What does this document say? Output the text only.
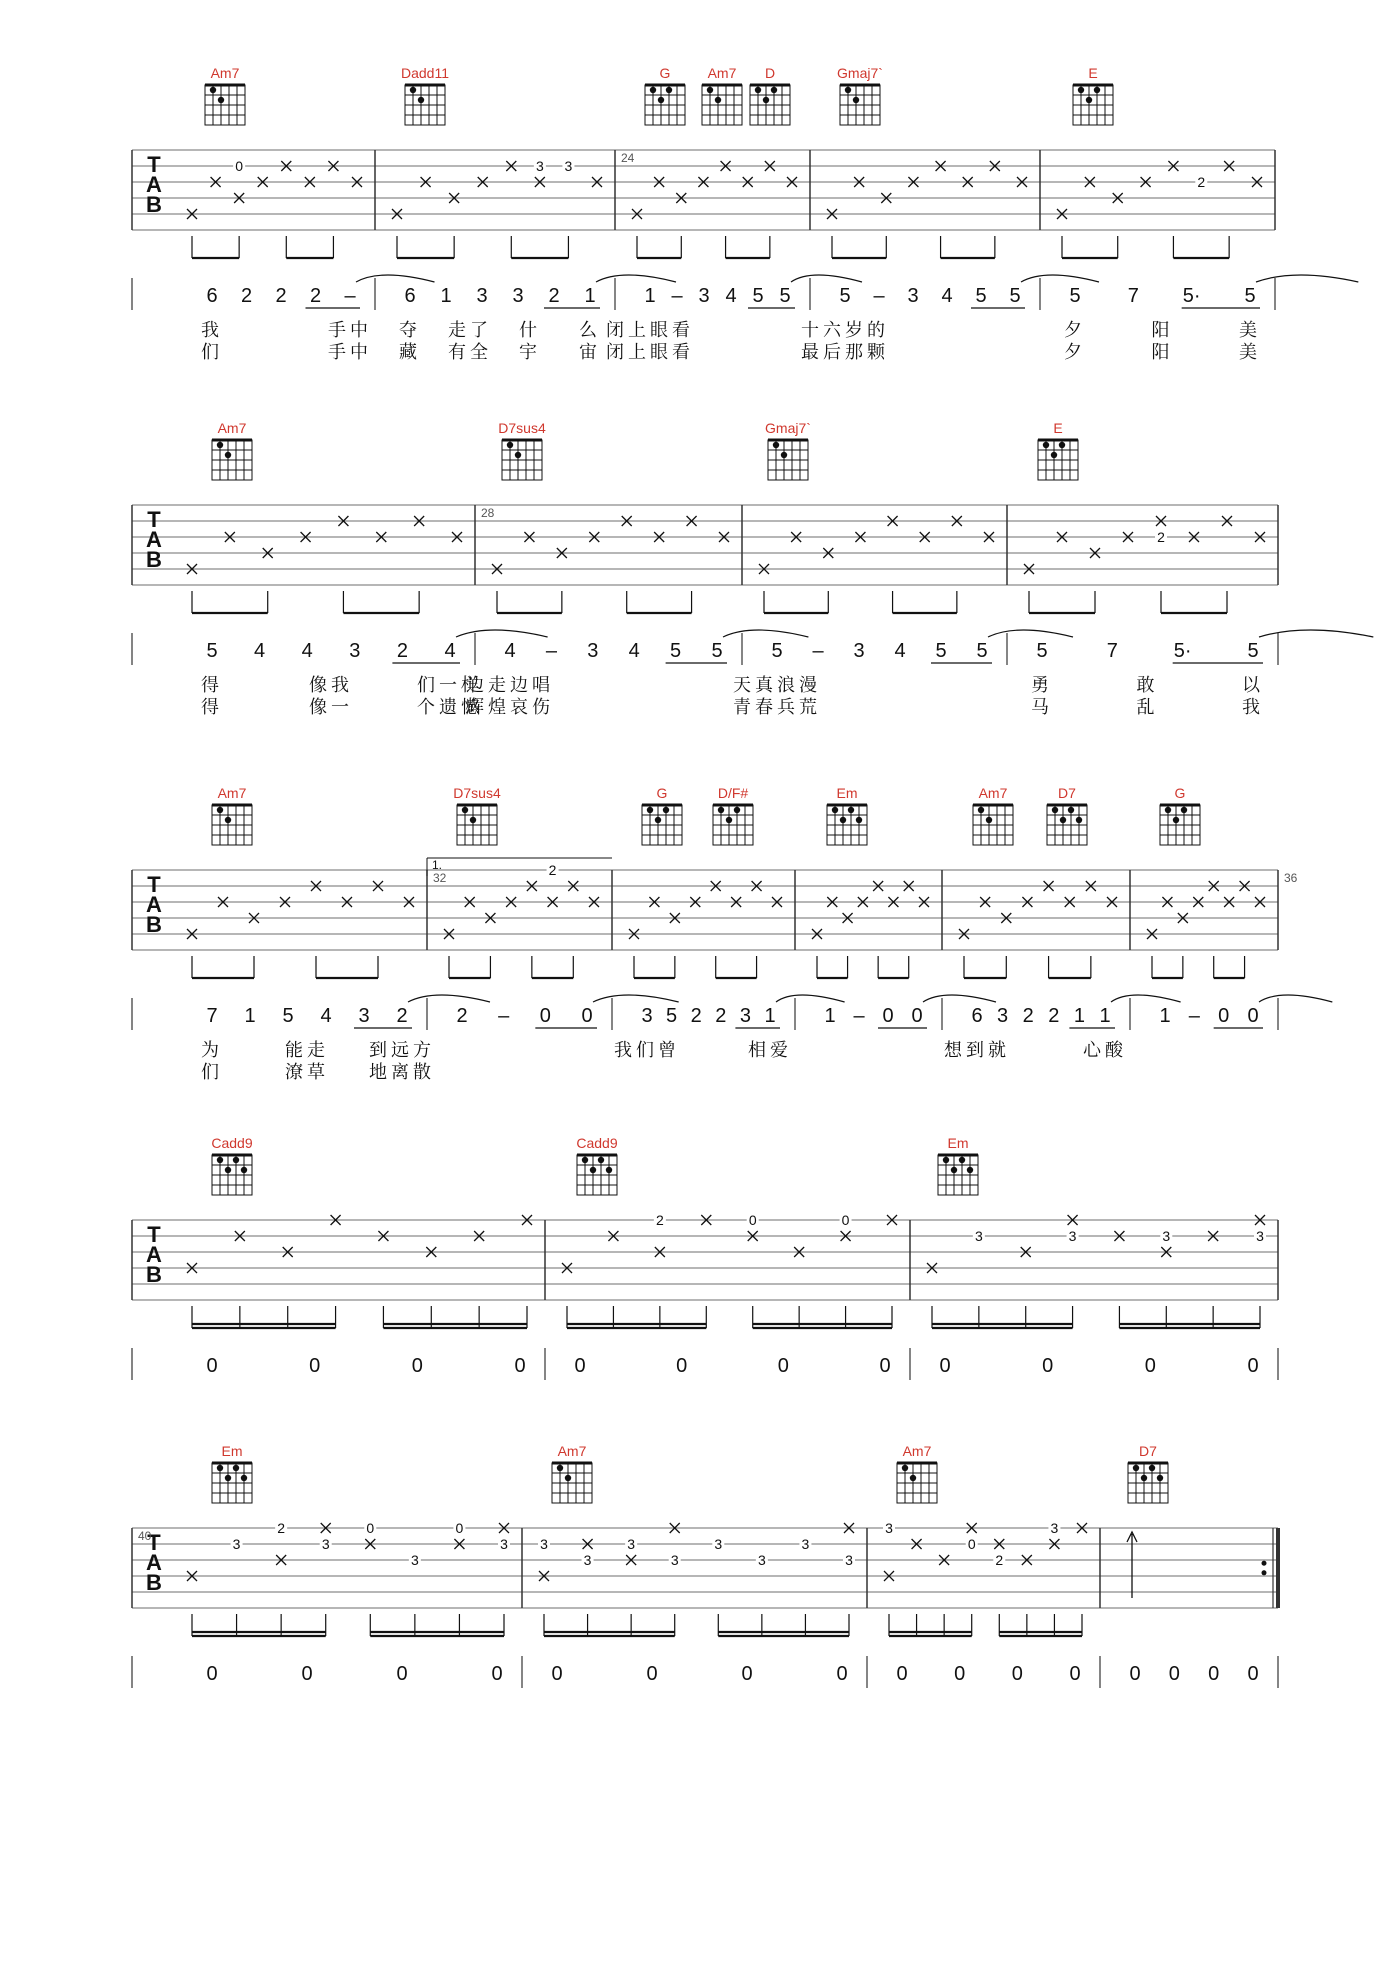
Am7	Dadd11	G	Am7 D	Gmaj7`	E
T
A
B
24
0	3 3
2
6 2 2 2 – 6 1 3 3 2 1 1 – 3 4 5 5 5 – 3 4 5 5 5 7 5· 5
我	手中 夺 走了 什 么 闭上眼看	十六岁的	夕	阳	美
们	手中 藏 有全 宇 宙 闭上眼看	最后那颗	夕	阳	美
Am7	D7sus4	Gmaj7`	E
T
A
B
28
2
5 4 4 3 2 4 4 – 3 4 5 5 5 – 3 4 5 5 5	7	5·	5
得	像我	们一样
边走边唱	天真浪漫	勇	敢	以
得	像一	个遗憾
辉煌哀伤	青春兵荒	马	乱	我
Am7	D7sus4	G	D/F#	Em	Am7	D7	G
T
A
B
32	36
1.	2
7 1 5 4 3 2 2 – 0 0 3 5 2 2 3 1 1 – 0 0 6 3 2 2 1 1 1 – 0 0
为	能走 到远方	我们曾	相爱	想到就	心酸
们	潦草 地离散
Cadd9	Cadd9	Em
T
A
B
2	0	0
3	3	3	3
0	0	0	0 0	0	0	0 0	0	0	0
Em	Am7	Am7	D7
T
A
B
40	3
2
3
0
3
0
3 3
3
3
3
3
3
3
3
3
0
2
3
0	0	0	0 0	0	0	0 0 0 0 0 0 0 0 0
